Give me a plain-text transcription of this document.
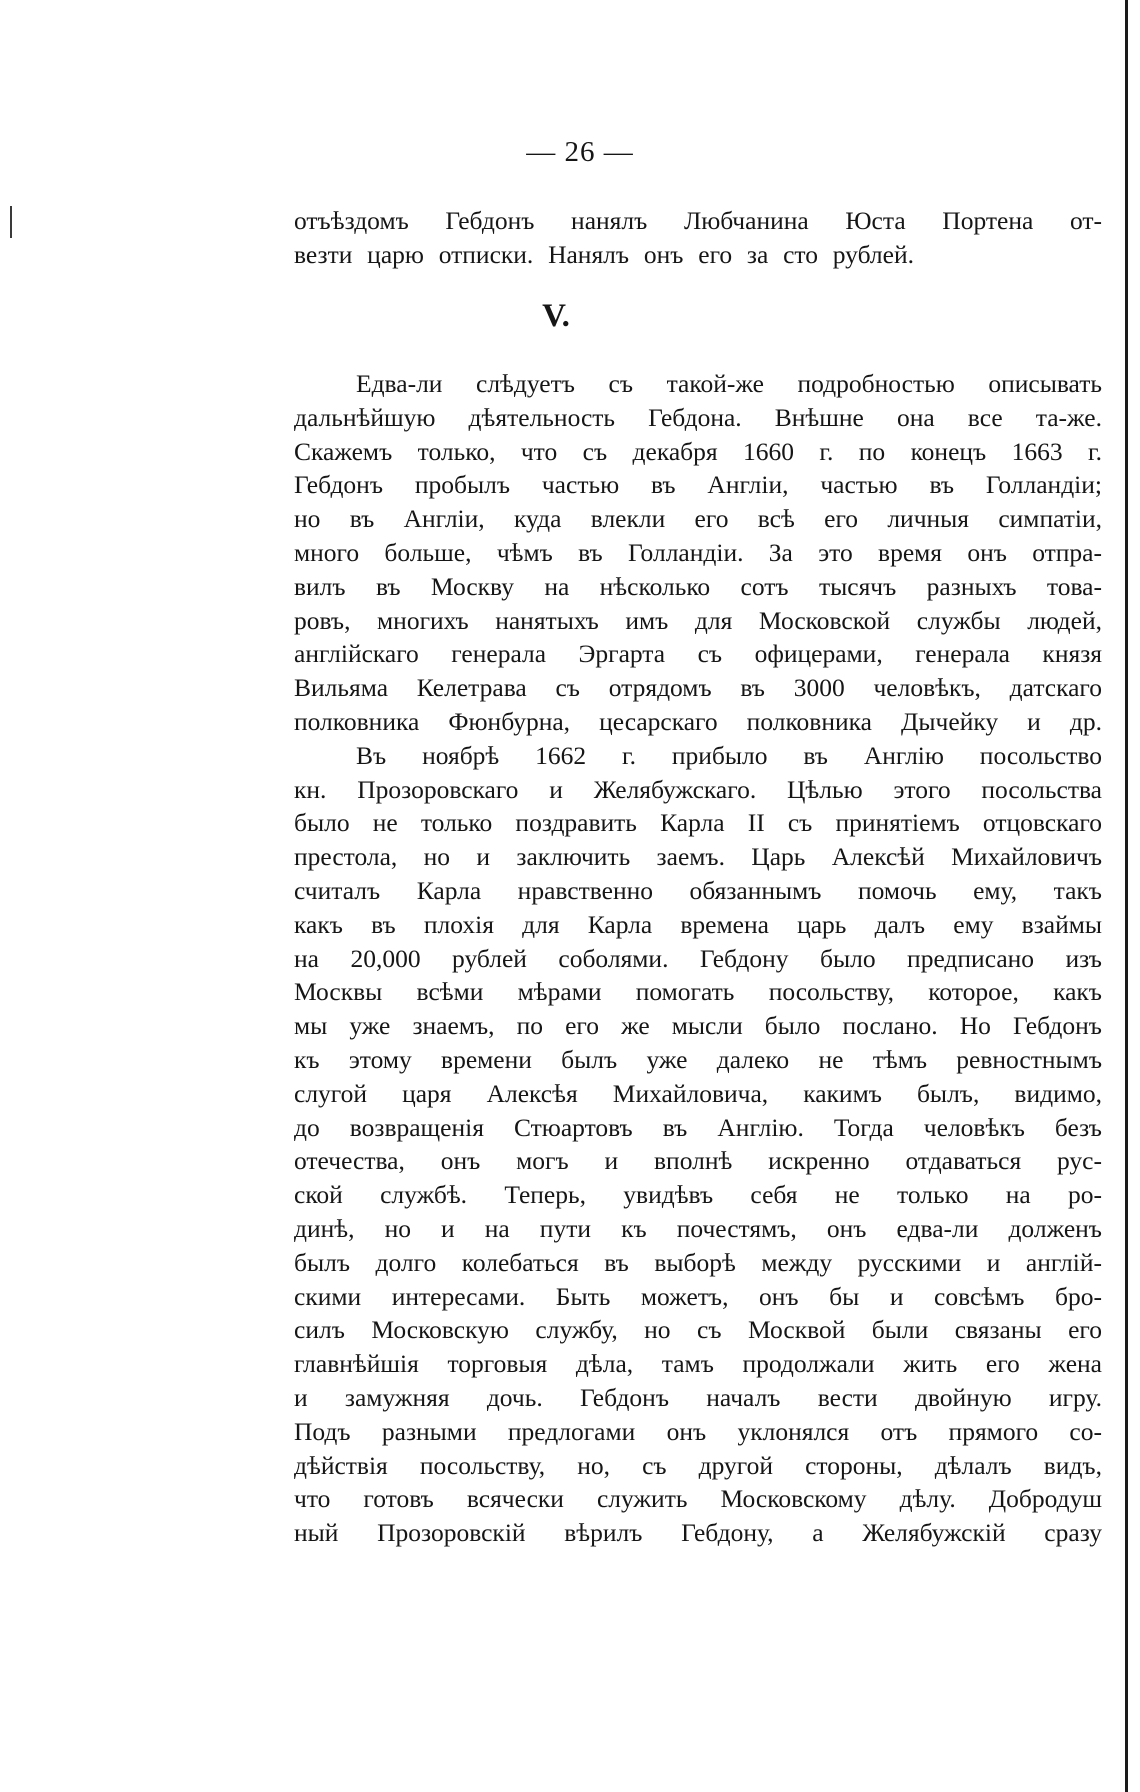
— 26 —
отъѣздомъ Гебдонъ нанялъ Любчанина Юста Портена от-
везти царю отписки. Нанялъ онъ его за сто рублей.
V.
Едва-ли слѣдуетъ съ такой-же подробностью описывать
дальнѣйшую дѣятельность Гебдона. Внѣшне она все та-же.
Скажемъ только, что съ декабря 1660 г. по конецъ 1663 г.
Гебдонъ пробылъ частью въ Англіи, частью въ Голландіи;
но въ Англіи, куда влекли его всѣ его личныя симпатіи,
много больше, чѣмъ въ Голландіи. За это время онъ отпра-
вилъ въ Москву на нѣсколько сотъ тысячъ разныхъ това-
ровъ, многихъ нанятыхъ имъ для Московской службы людей,
англійскаго генерала Эргарта съ офицерами, генерала князя
Вильяма Келетрава съ отрядомъ въ 3000 человѣкъ, датскаго
полковника Фюнбурна, цесарскаго полковника Дычейку и др.
Въ ноябрѣ 1662 г. прибыло въ Англію посольство
кн. Прозоровскаго и Желябужскаго. Цѣлью этого посольства
было не только поздравить Карла II съ принятіемъ отцовскаго
престола, но и заключить заемъ. Царь Алексѣй Михайловичъ
считалъ Карла нравственно обязаннымъ помочь ему, такъ
какъ въ плохія для Карла времена царь далъ ему взаймы
на 20,000 рублей соболями. Гебдону было предписано изъ
Москвы всѣми мѣрами помогать посольству, которое, какъ
мы уже знаемъ, по его же мысли было послано. Но Гебдонъ
къ этому времени былъ уже далеко не тѣмъ ревностнымъ
слугой царя Алексѣя Михайловича, какимъ былъ, видимо,
до возвращенія Стюартовъ въ Англію. Тогда человѣкъ безъ
отечества, онъ могъ и вполнѣ искренно отдаваться рус-
ской службѣ. Теперь, увидѣвъ себя не только на ро-
динѣ, но и на пути къ почестямъ, онъ едва-ли долженъ
былъ долго колебаться въ выборѣ между русскими и англій-
скими интересами. Быть можетъ, онъ бы и совсѣмъ бро-
силъ Московскую службу, но съ Москвой были связаны его
главнѣйшія торговыя дѣла, тамъ продолжали жить его жена
и замужняя дочь. Гебдонъ началъ вести двойную игру.
Подъ разными предлогами онъ уклонялся отъ прямого со-
дѣйствія посольству, но, съ другой стороны, дѣлалъ видъ,
что готовъ всячески служить Московскому дѣлу. Добродуш
ный Прозоровскій вѣрилъ Гебдону, а Желябужскій сразу
